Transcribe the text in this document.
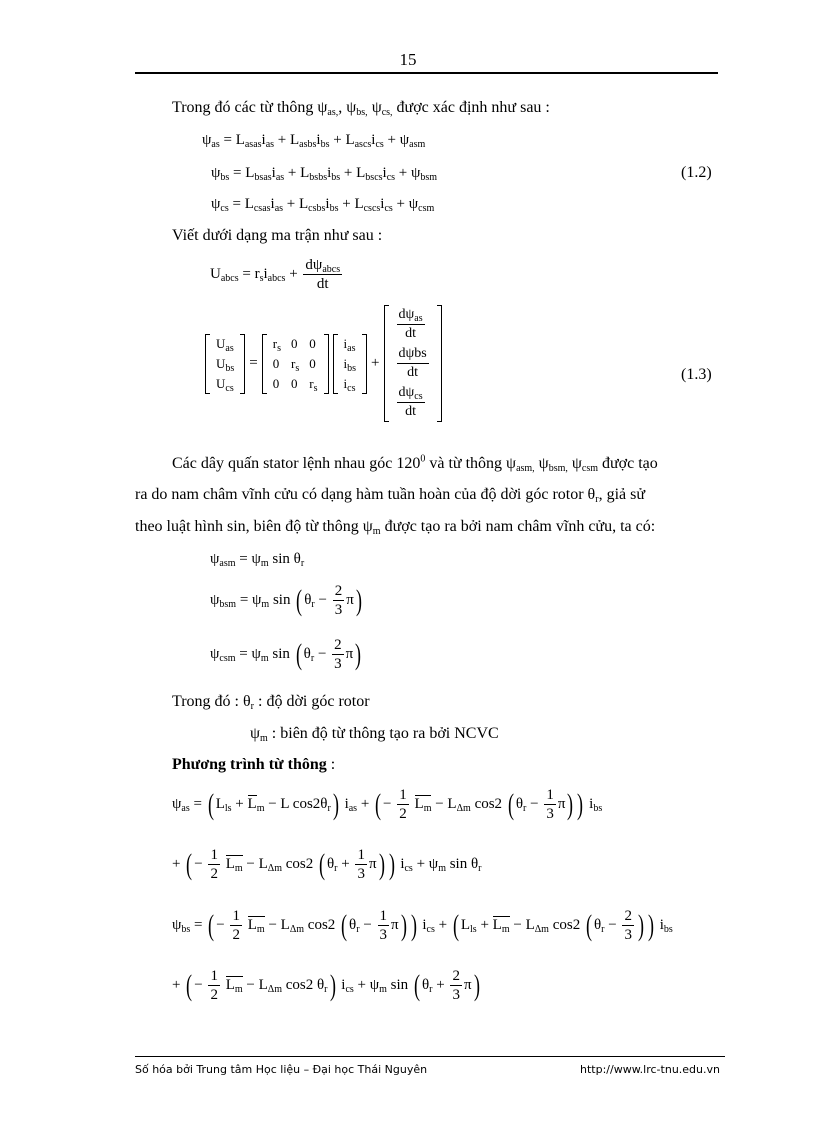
15
Trong đó các từ thông $\psi_{as,}$, $\psi_{bs,}$ $\psi_{cs,}$ được xác định như sau :
$\psi_{as} = L_{asas}i_{as} + L_{asbs}i_{bs} + L_{ascs}i_{cs} + \psi_{asm}$
$\psi_{bs} = L_{bsas}i_{as} + L_{bsbs}i_{bs} + L_{bscs}i_{cs} + \psi_{bsm}$
$\psi_{cs} = L_{csas}i_{as} + L_{csbs}i_{bs} + L_{cscs}i_{cs} + \psi_{csm}$
(1.2)
Viết dưới dạng ma trận như sau :
$U_{abcs} = r_si_{abcs} + \frac{d\psi_{abcs}}{dt}$
$U_{as}$
$U_{bs}$
$U_{cs}$
=
$r_s$	0	0
0	$r_s$	0
0	0	$r_s$

$i_{as}$
$i_{bs}$
$i_{cs}$
+
$\frac{d\psi_{as}}{dt}$

$\frac{\text{dψbs}}{dt}$

$\frac{d\psi_{cs}}{dt}$
(1.3)
Các dây quấn stator lệnh nhau góc $120^0$ và từ thông $\psi_{asm,}$ $\psi_{bsm,}$ $\psi_{csm}$ được tạo
ra do nam châm vĩnh cửu có dạng hàm tuần hoàn của độ dời góc rotor $\theta_r$, giả sử
theo luật hình sin, biên độ từ thông $\psi_m$ được tạo ra bởi nam châm vĩnh cửu, ta có:
$\psi_{asm} = \psi_m$ $\sin \theta_r$
$\psi_{bsm} = \psi_m$ sin ( $\theta_r - \frac{2}{3} \pi$)
$\psi_{csm} = \psi_m$ sin ( $\theta_r - \frac{2}{3} \pi$)
Trong đó : $\theta_r$ : độ dời góc rotor
$\psi_m$ : biên độ từ thông tạo ra bởi NCVC
Phương trình từ thông :
$\psi_{as}$ = ( $L_{ls} + L_m - L$ $\cos 2\theta_r$) $i_{as}$ + ( − $\frac{1}{2} L_m - L_{\Delta m}$ cos2 ( $\theta_r - \frac{1}{3} \pi$) ) $i_{bs}$
+ ( − $\frac{1}{2} L_m - L_{\Delta m}$ cos2 ( $\theta_r + \frac{1}{3} \pi$) ) $i_{cs} + \psi_m$ $\sin \theta_r$
$\psi_{bs}$ = ( − $\frac{1}{2} L_m - L_{\Delta m}$ cos2 ( $\theta_r - \frac{1}{3} \pi$) ) $i_{cs}$ + ( $L_{ls} + L_m - L_{\Delta m}$ cos2 ( $\theta_r - \frac{2}{3}$ ) ) $i_{bs}$
+ ( − $\frac{1}{2} L_m - L_{\Delta m}$ cos2 $\theta_r$) $i_{cs} + \psi_m$ sin ( $\theta_r + \frac{2}{3} \pi$)
Số hóa bởi Trung tâm Học liệu – Đại học Thái Nguyên	http://www.lrc-tnu.edu.vn
